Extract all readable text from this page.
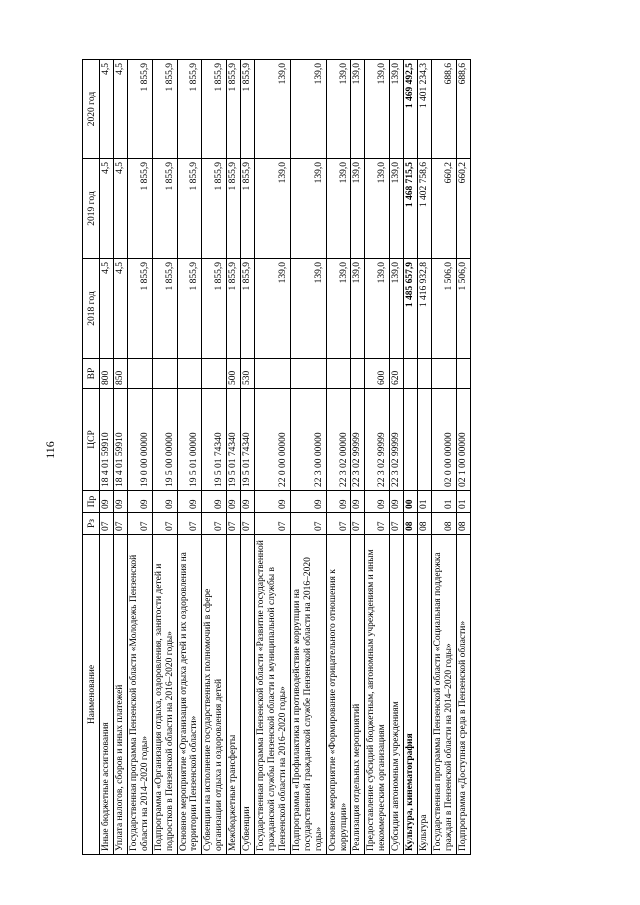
116
Наименование	Рз	Пр	ЦСР	ВР	2018 год	2019 год	2020 год
Иные бюджетные ассигнования	07	09	18 4 01 59910	800	4,5	4,5	4,5
Уплата налогов, сборов и иных платежей	07	09	18 4 01 59910	850	4,5	4,5	4,5
Государственная программа Пензенской области «Молодежь Пензенской области на 2014–2020 годы»	07	09	19 0 00 00000		1 855,9	1 855,9	1 855,9
Подпрограмма «Организация отдыха, оздоровления, занятости детей и подростков в Пензенской области на 2016–2020 годы»	07	09	19 5 00 00000		1 855,9	1 855,9	1 855,9
Основное мероприятие «Организация отдыха детей и их оздоровления на территории Пензенской области»	07	09	19 5 01 00000		1 855,9	1 855,9	1 855,9
Субвенции на исполнение государственных полномочий в сфере организации отдыха и оздоровления детей	07	09	19 5 01 74340		1 855,9	1 855,9	1 855,9
Межбюджетные трансферты	07	09	19 5 01 74340	500	1 855,9	1 855,9	1 855,9
Субвенции	07	09	19 5 01 74340	530	1 855,9	1 855,9	1 855,9
Государственная программа Пензенской области «Развитие государственной гражданской службы Пензенской области и муниципальной службы в Пензенской области на 2016–2020 годы»	07	09	22 0 00 00000		139,0	139,0	139,0
Подпрограмма «Профилактика и противодействие коррупции на государственной гражданской службе Пензенской области на 2016–2020 годы»	07	09	22 3 00 00000		139,0	139,0	139,0
Основное мероприятие «Формирование отрицательного отношения к коррупции»	07	09	22 3 02 00000		139,0	139,0	139,0
Реализация отдельных мероприятий	07	09	22 3 02 99999		139,0	139,0	139,0
Предоставление субсидий бюджетным, автономным учреждениям и иным некоммерческим организациям	07	09	22 3 02 99999	600	139,0	139,0	139,0
Субсидии автономным учреждениям	07	09	22 3 02 99999	620	139,0	139,0	139,0
Культура, кинематография	08	00			1 485 657,9	1 468 715,5	1 469 492,5
Культура	08	01			1 416 932,8	1 402 758,6	1 401 234,3
Государственная программа Пензенской области «Социальная поддержка граждан в Пензенской области на 2014–2020 годы»	08	01	02 0 00 00000		1 506,0	660,2	688,6
Подпрограмма «Доступная среда в Пензенской области»	08	01	02 1 00 00000		1 506,0	660,2	688,6
